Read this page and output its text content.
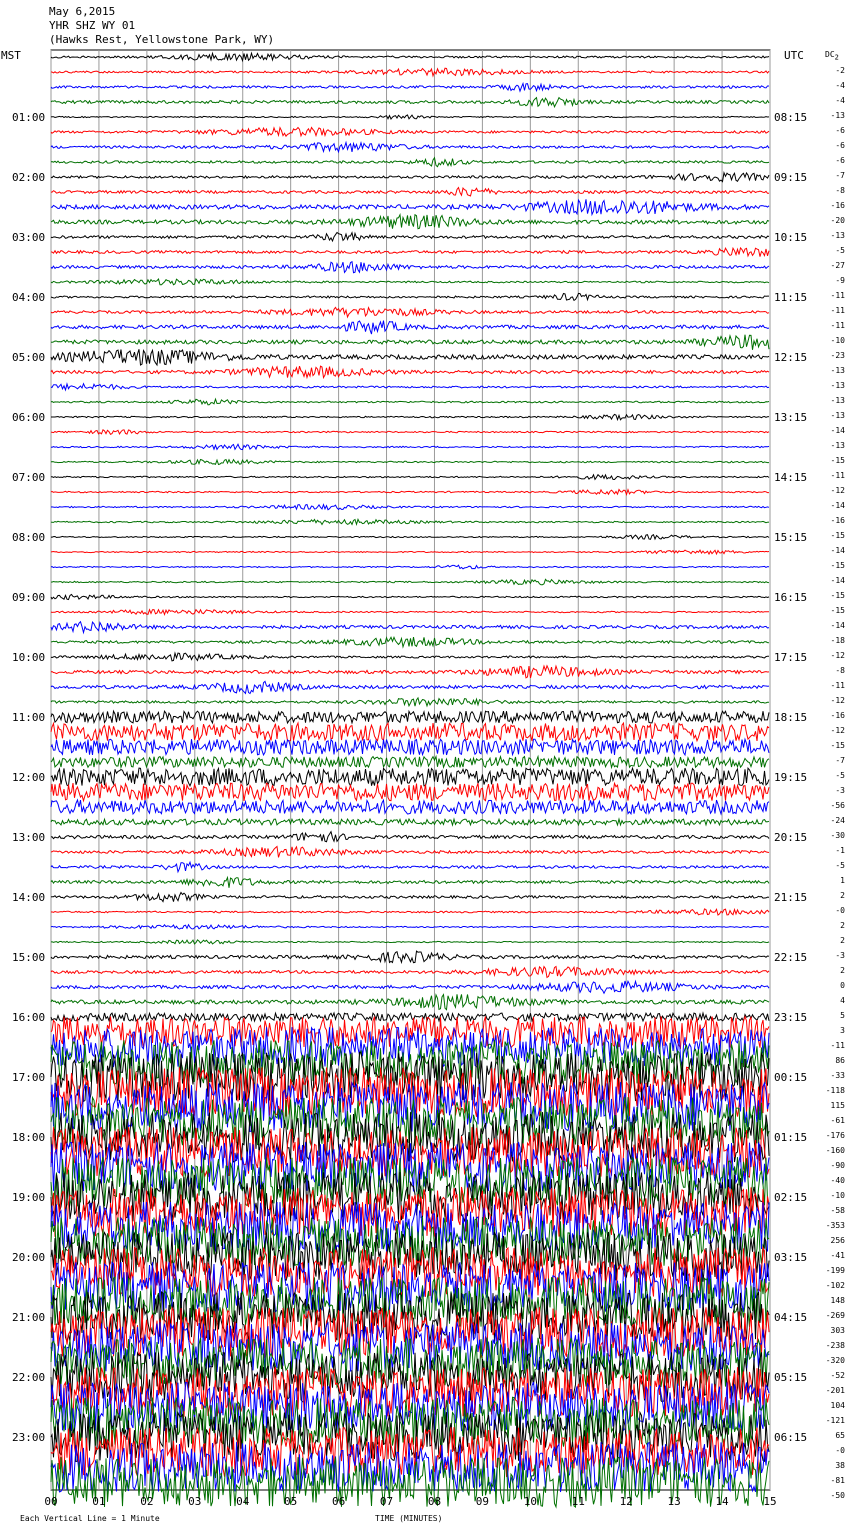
May 6,2015
YHR SHZ WY 01
(Hawks Rest, Yellowstone Park, WY)
MST	UTC	$DC_2$
01:00
02:00
03:00
04:00
05:00
06:00
07:00
08:00
09:00
10:00
11:00
12:00
13:00
14:00
15:00
16:00
17:00
18:00
19:00
20:00
21:00
22:00
23:00
08:15
09:15
10:15
11:15
12:15
13:15
14:15
15:15
16:15
17:15
18:15
19:15
20:15
21:15
22:15
23:15
00:15
01:15
02:15
03:15
04:15
05:15
06:15
-2
-4
-4
-13
-6
-6
-6
-7
-8
-16
-20
-13
-5
-27
-9
-11
-11
-11
-10
-23
-13
-13
-13
-13
-14
-13
-15
-11
-12
-14
-16
-15
-14
-15
-14
-15
-15
-14
-18
-12
-8
-11
-12
-16
-12
-15
-7
-5
-3
-56
-24
-30
-1
-5
1
2
-0
2
2
-3
2
0
4
5
3
-11
86
-33
-118
115
-61
-176
-160
-90
-40
-10
-58
-353
256
-41
-199
-102
148
-269
303
-238
-320
-52
-201
104
-121
65
-0
38
-81
-50
00	01	02	03	04	05	06	07	08	09	10	11	12	13	14	15
Each Vertical Line = 1 Minute	TIME (MINUTES)
